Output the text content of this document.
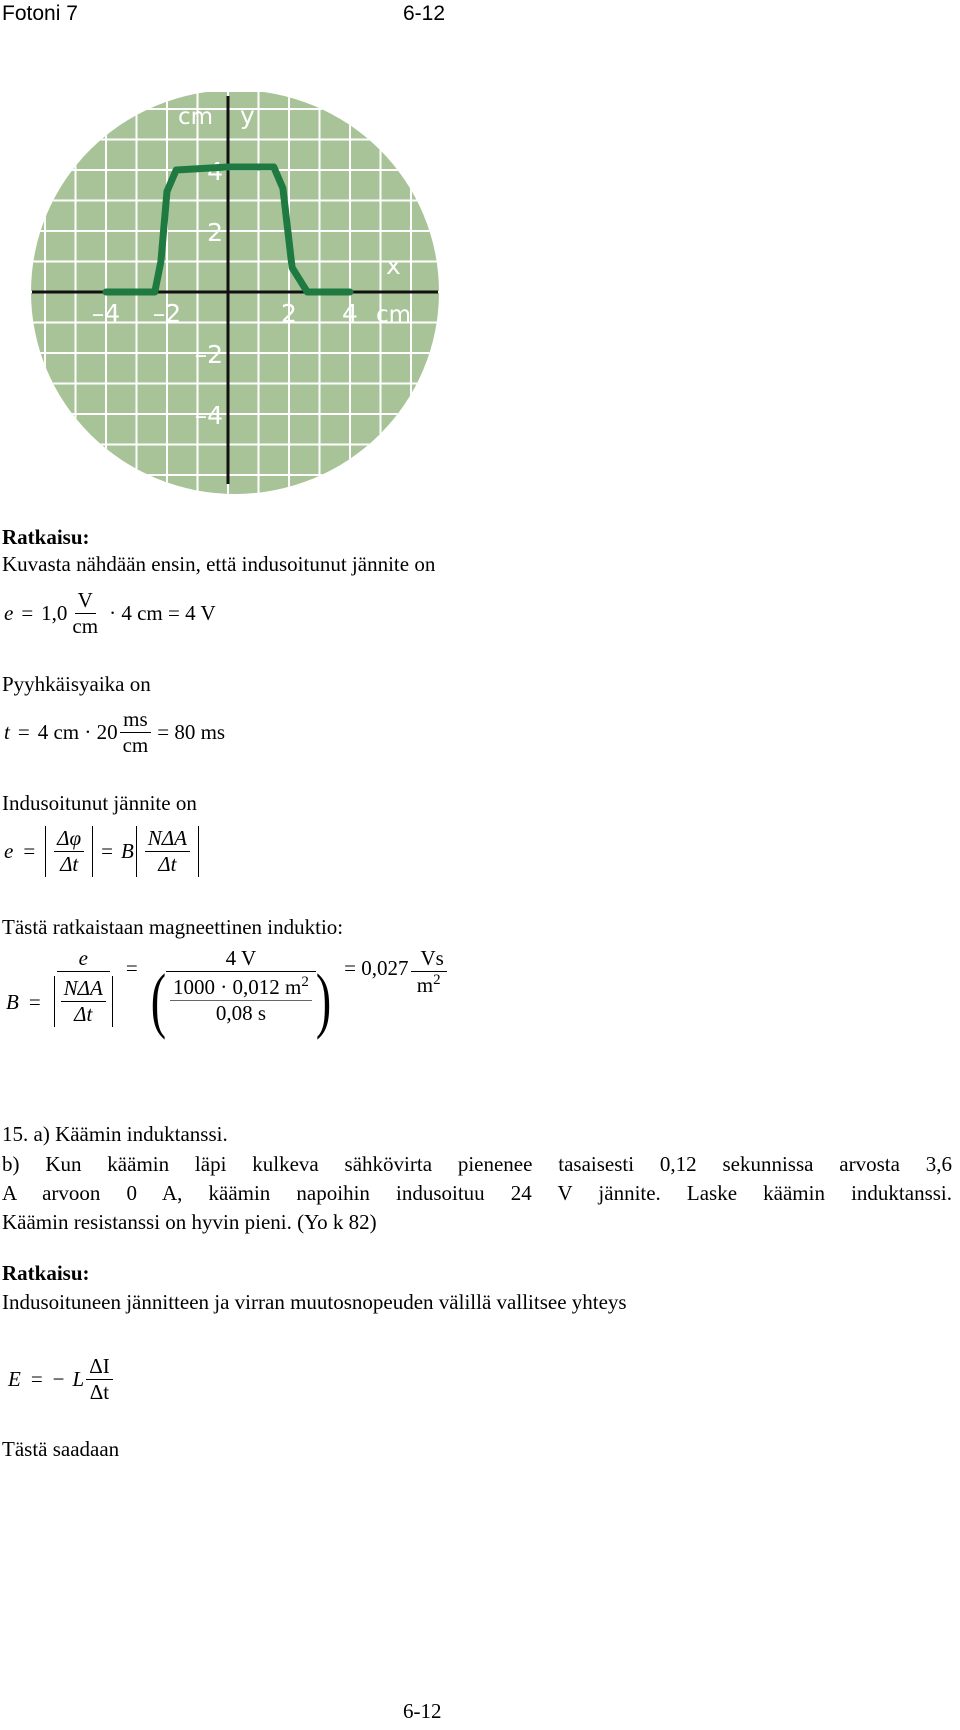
Fotoni 7	6-12
–4 –2	2 4
4
2
–2
–4
y
cm
x
cm
Ratkaisu:
Kuvasta nähdään ensin, että indusoitunut jännite on
$e = 1,0 \frac{V}{cm} \cdot 4$ cm = 4 V
Pyyhkäisyaika on
t = 4 cm · $20 \frac{ms}{cm} = 80$ ms
Indusoitunut jännite on
$e = \frac{\Delta\varphi}{\Delta t} = B \frac{\text{NΔA}}{\Delta t}$
Tästä ratkaistaan magneettinen induktio:
$B = \frac{e}{\frac{\text{NΔA}}{\Delta t}}$ =	4 V
( $\frac{1000 \cdot 0,012 m^2}{0,08 s}$ ) = $0,027 \frac{Vs}{m^2}$
15. a) Käämin induktanssi.
b) Kun käämin läpi kulkeva sähkövirta pienenee tasaisesti 0,12 sekunnissa arvosta 3,6
A arvoon 0 A, käämin napoihin indusoituu 24 V jännite. Laske käämin induktanssi.
Käämin resistanssi on hyvin pieni. (Yo k 82)
Ratkaisu:
Indusoituneen jännitteen ja virran muutosnopeuden välillä vallitsee yhteys
E = − L $\frac{\Delta I}{\Delta t}$
Tästä saadaan
6-12
